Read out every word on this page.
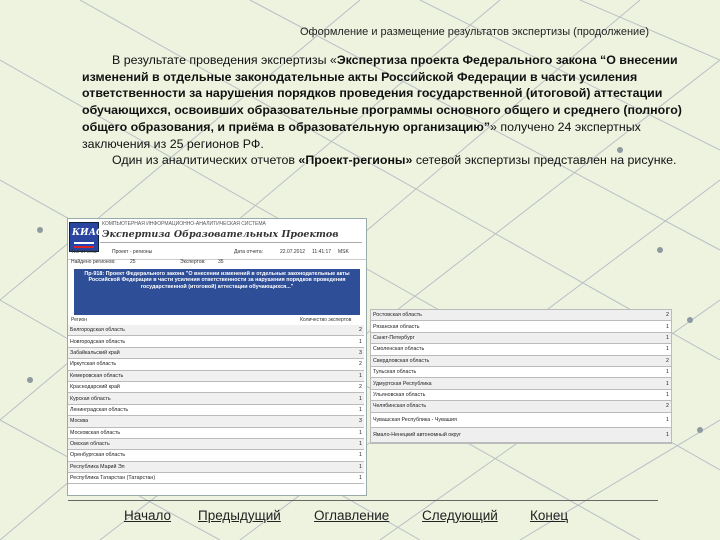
Оформление и размещение результатов экспертизы (продолжение)

В результате проведения экспертизы «Экспертиза проекта Федерального закона “О внесении изменений в отдельные законодательные акты Российской Федерации в части усиления ответственности за нарушения порядков проведения государственной (итоговой) аттестации обучающихся, освоивших образовательные программы основного общего и среднего (полного) общего образования, и приёма в образовательную организацию”» получено 24 экспертных заключения из 25 регионов РФ.

Один из аналитических отчетов «Проект-регионы» сетевой экспертизы представлен на рисунке.

КИАС
КОМПЬЮТЕРНАЯ ИНФОРМАЦИОННО-АНАЛИТИЧЕСКАЯ СИСТЕМА
Экспертиза Образовательных Проектов
Тип отчета:	Проект - регионы	Дата отчета:	22.07.2012 11:41:17 MSK
Найдено регионов:	25	Экспертов: 35
Пр-918: Проект Федерального закона "О внесении изменений в отдельные законодательные акты Российской Федерации в части усиления ответственности за нарушения порядков проведения государственной (итоговой) аттестации обучающихся..."
Регион	Количество экспертов
Белгородская область	2
Новгородская область	1
Забайкальский край	3
Иркутская область	2
Кемеровская область	1
Краснодарский край	2
Курская область	1
Ленинградская область	1
Москва	3
Московская область	1
Омская область	1
Оренбургская область	1
Республика Марий Эл	1
Республика Татарстан (Татарстан)	1
Ростовская область	2
Рязанская область	1
Санкт-Петербург	1
Смоленская область	1
Свердловская область	2
Тульская область	1
Удмуртская Республика	1
Ульяновская область	1
Челябинская область	2
Чувашская Республика - Чувашия	1
Ямало-Ненецкий автономный округ	1
Начало Предыдущий Оглавление Следующий Конец
